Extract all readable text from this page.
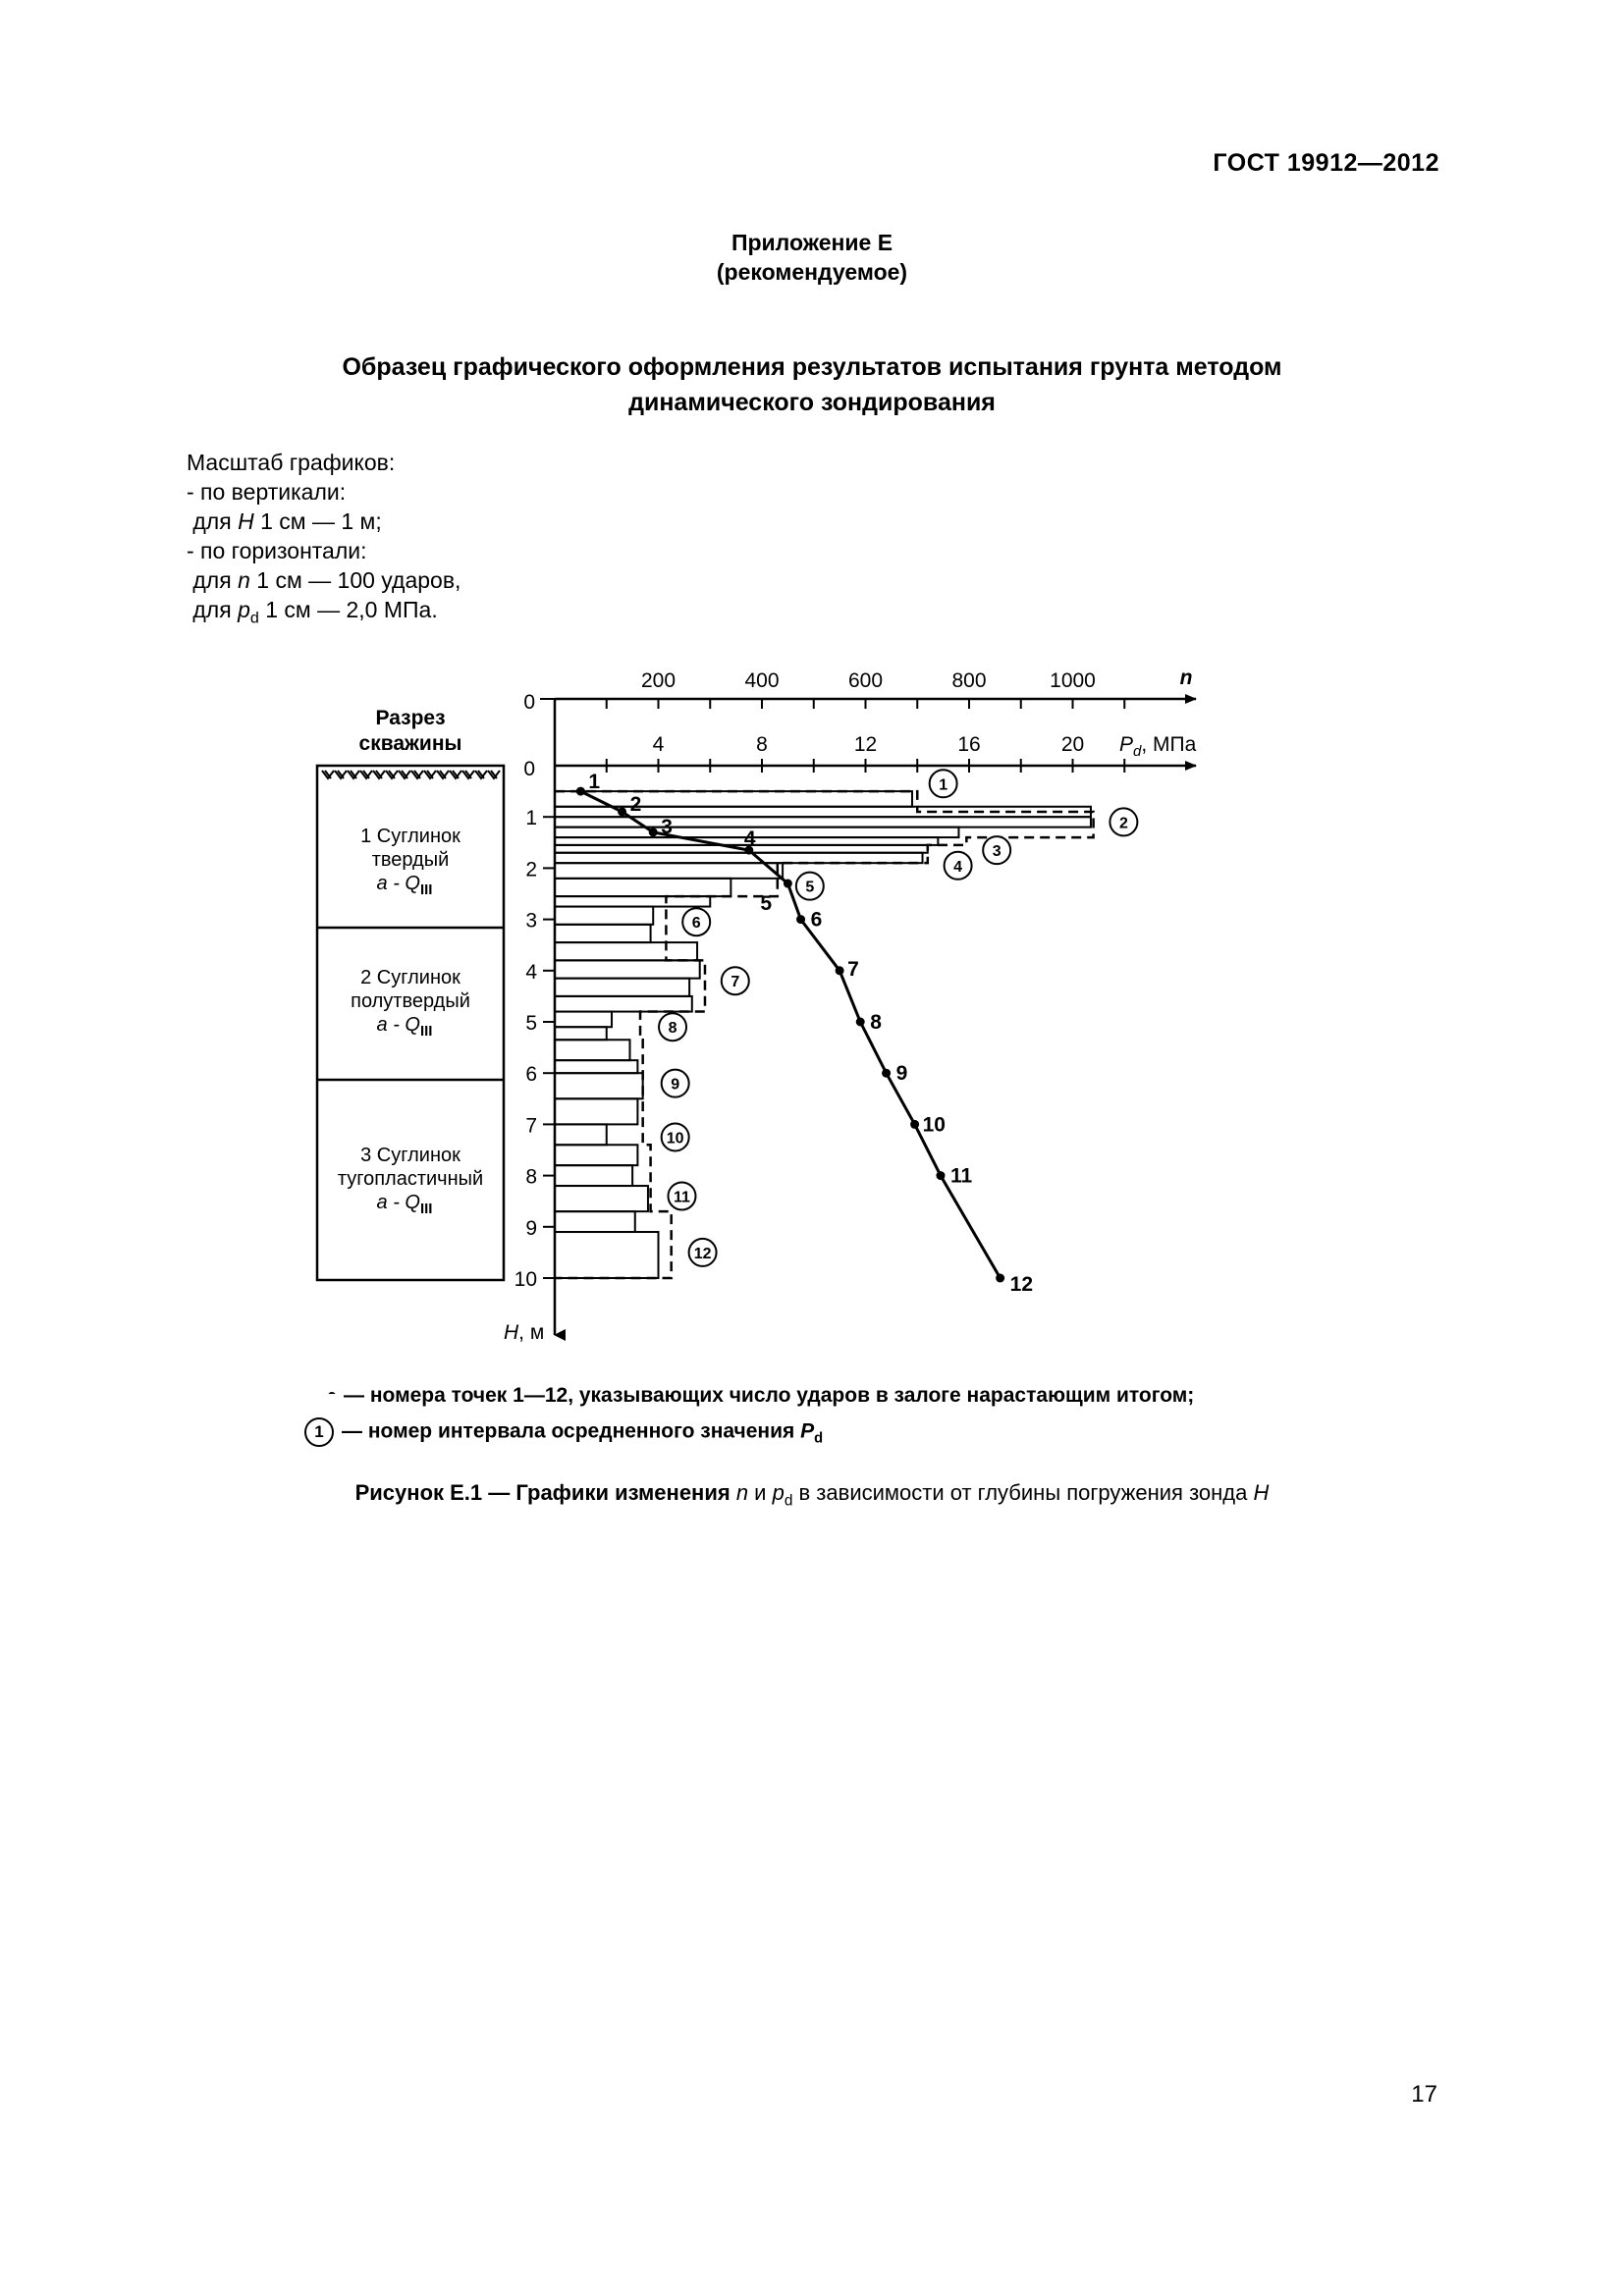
ГОСТ 19912—2012
Приложение Е
(рекомендуемое)
Образец графического оформления результатов испытания грунта методом
динамического зондирования
Масштаб графиков:
- по вертикали:
для H 1 см — 1 м;
- по горизонтали:
для n 1 см — 100 ударов,
для $p_d$ 1 см — 2,0 МПа.
1
2
3
4
5
6
7
8
9
10
200	400	600	800	1000
4	8	12	16	20
1
2
3
4
5
6
7
8
9
10
11
12
1
2
3
4
5
6
7
8
9
10
11
12
Разрез
скважины
1 Суглинок
твердый
a - $Q_{III}$
2 Суглинок
полутвердый
a - $Q_{III}$
3 Суглинок
тугопластичный
a - $Q_{III}$
0
0
n
$P_d$, МПа
H, м
— номера точек 1—12, указывающих число ударов в залоге нарастающим итогом;
1 — номер интервала осредненного значения $P_d$
Рисунок Е.1 — Графики изменения n и $p_d$ в зависимости от глубины погружения зонда H
17
